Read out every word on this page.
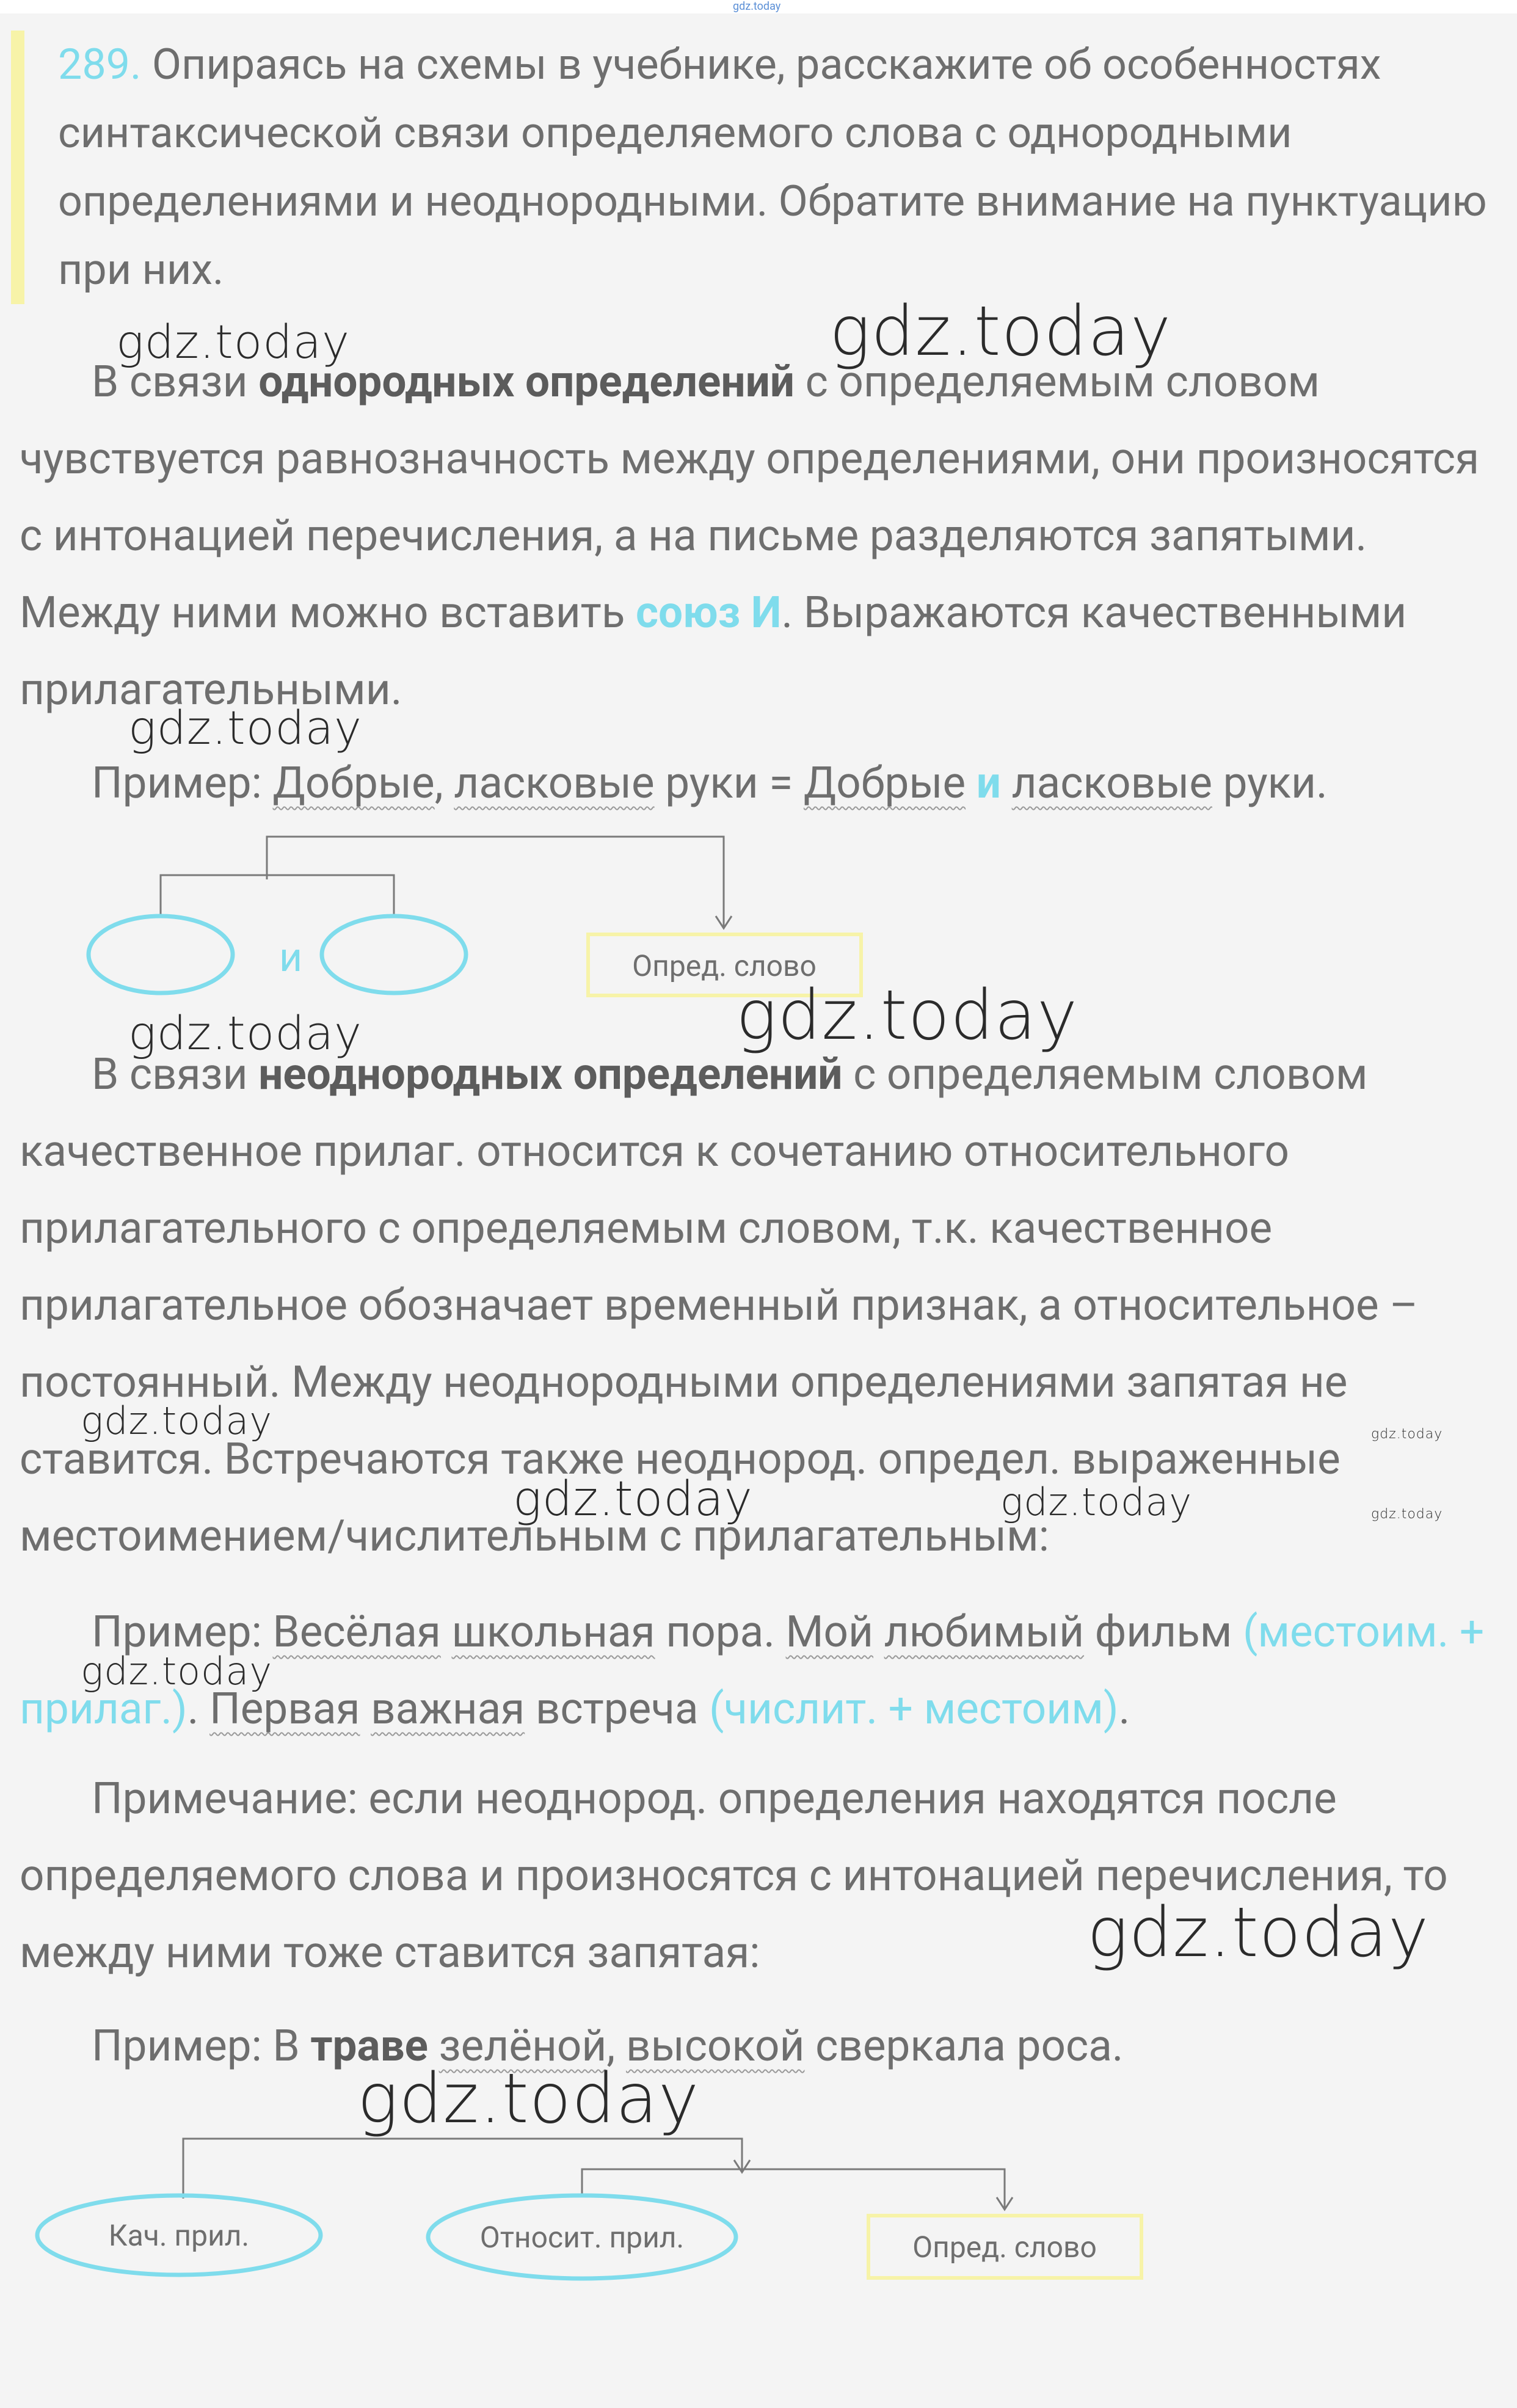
gdz.today
289. Опираясь на схемы в учебнике, расскажите об особенностях синтаксической связи определяемого слова с однородными определениями и неоднородными. Обратите внимание на пунктуацию при них.
В связи однородных определений с определяемым словом чувствуется равнозначность между определениями, они произносятся с интонацией перечисления, а на письме разделяются запятыми. Между ними можно вставить союз И. Выражаются качественными прилагательными.
Пример: Добрые, ласковые руки = Добрые и ласковые руки.
и	Опред. слово
Кач. прил.	Относит. прил.	Опред. слово
В связи неоднородных определений с определяемым словом качественное прилаг. относится к сочетанию относительного прилагательного с определяемым словом, т.к. качественное прилагательное обозначает временный признак, а относительное – постоянный. Между неоднородными определениями запятая не ставится. Встречаются также неоднород. определ. выраженные местоимением/числительным с прилагательным:
Пример: Весёлая школьная пора. Мой любимый фильм (местоим. + прилаг.). Первая важная встреча (числит. + местоим).
Примечание: если неоднород. определения находятся после определяемого слова и произносятся с интонацией перечисления, то между ними тоже ставится запятая:
Пример: В траве зелёной, высокой сверкала роса.
gdz.today	gdz.today
gdz.today
gdz.today	gdz.today
gdz.today	gdz.today
gdz.today	gdz.today	gdz.today
gdz.today
gdz.today
gdz.today
